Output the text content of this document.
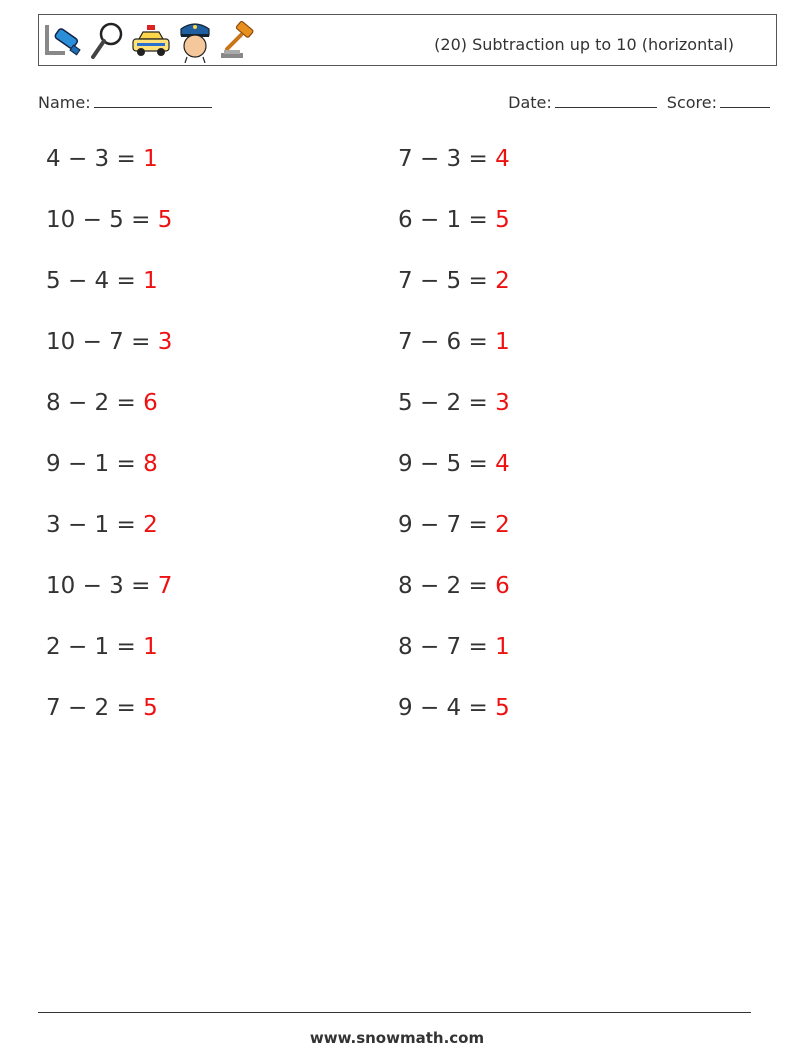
(20) Subtraction up to 10 (horizontal)
Name:	Date:	Score:
4 − 3 = 1
10 − 5 = 5
5 − 4 = 1
10 − 7 = 3
8 − 2 = 6
9 − 1 = 8
3 − 1 = 2
10 − 3 = 7
2 − 1 = 1
7 − 2 = 5
7 − 3 = 4
6 − 1 = 5
7 − 5 = 2
7 − 6 = 1
5 − 2 = 3
9 − 5 = 4
9 − 7 = 2
8 − 2 = 6
8 − 7 = 1
9 − 4 = 5
www.snowmath.com
